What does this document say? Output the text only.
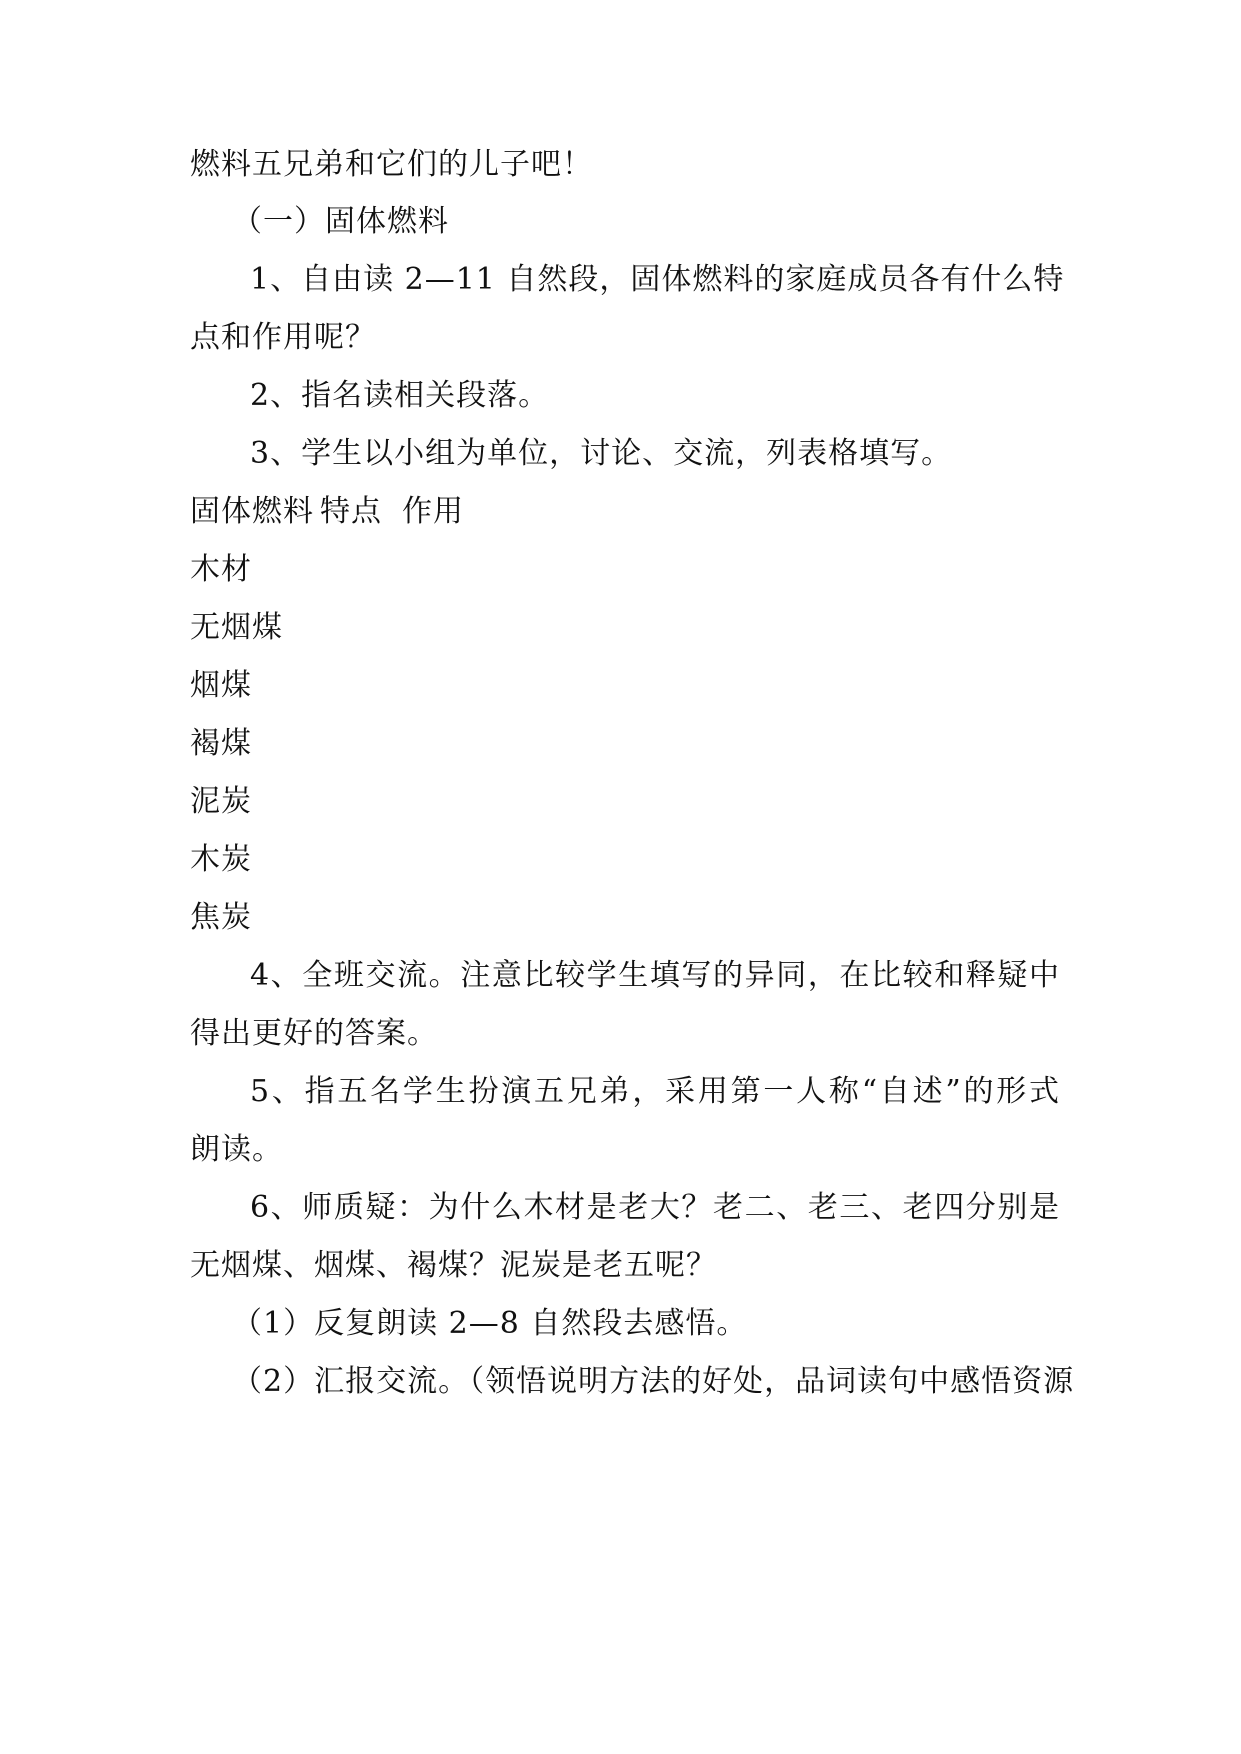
燃料五兄弟和它们的儿子吧！
（一）固体燃料
1、自由读 2—11 自然段，固体燃料的家庭成员各有什么特
点和作用呢？
2、指名读相关段落。
3、学生以小组为单位，讨论、交流，列表格填写。
固体燃料 特点 作用
木材
无烟煤
烟煤
褐煤
泥炭
木炭
焦炭
4、全班交流。注意比较学生填写的异同，在比较和释疑中
得出更好的答案。
5、指五名学生扮演五兄弟，采用第一人称“自述”的形式
朗读。
6、师质疑：为什么木材是老大？老二、老三、老四分别是
无烟煤、烟煤、褐煤？泥炭是老五呢？
（1）反复朗读 2—8 自然段去感悟。
（2）汇报交流。（领悟说明方法的好处，品词读句中感悟资源
